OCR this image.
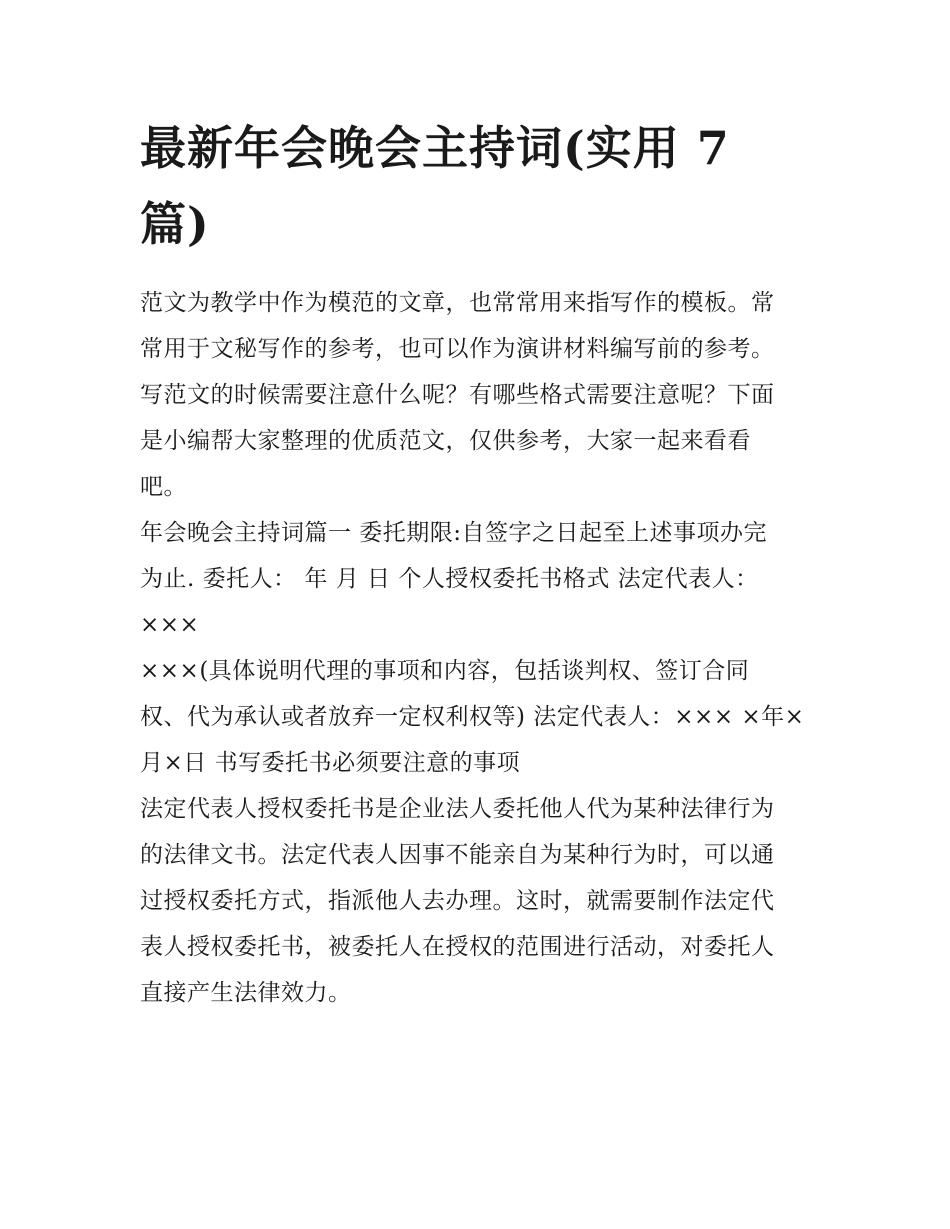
最新年会晚会主持词(实用 7
篇)

范文为教学中作为模范的文章，也常常用来指写作的模板。常
常用于文秘写作的参考，也可以作为演讲材料编写前的参考。
写范文的时候需要注意什么呢？有哪些格式需要注意呢？下面
是小编帮大家整理的优质范文，仅供参考，大家一起来看看
吧。

年会晚会主持词篇一 委托期限:自签字之日起至上述事项办完
为止. 委托人： 年 月 日 个人授权委托书格式 法定代表人：
×××
×××(具体说明代理的事项和内容，包括谈判权、签订合同
权、代为承认或者放弃一定权利权等) 法定代表人：××× ×年×
月×日 书写委托书必须要注意的事项

法定代表人授权委托书是企业法人委托他人代为某种法律行为
的法律文书。法定代表人因事不能亲自为某种行为时，可以通
过授权委托方式，指派他人去办理。这时，就需要制作法定代
表人授权委托书，被委托人在授权的范围进行活动，对委托人
直接产生法律效力。
